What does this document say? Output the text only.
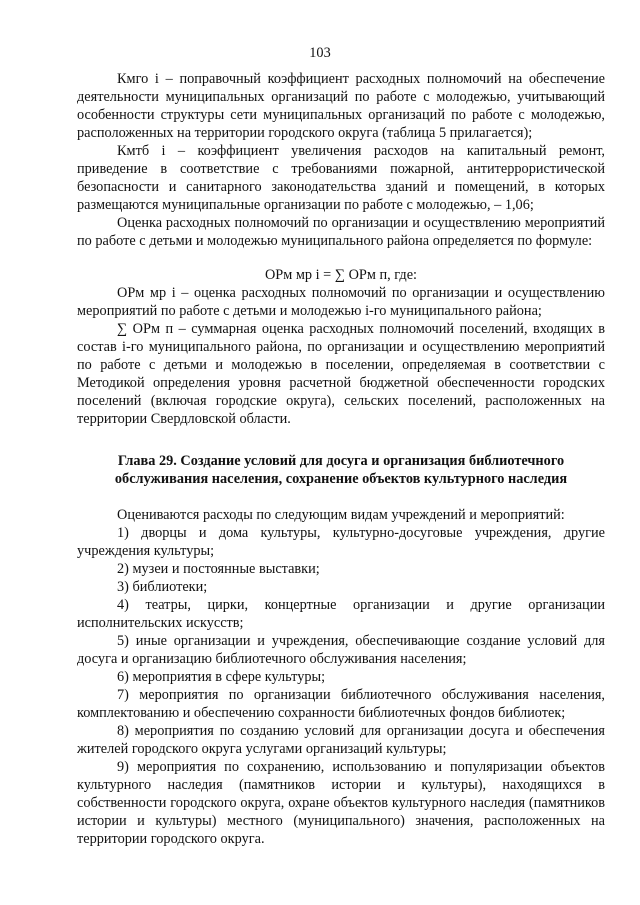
103

Кмго i – поправочный коэффициент расходных полномочий на обеспечение деятельности муниципальных организаций по работе с молодежью, учитывающий особенности структуры сети муниципальных организаций по работе с молодежью, расположенных на территории городского округа (таблица 5 прилагается);

Кмтб i – коэффициент увеличения расходов на капитальный ремонт, приведение в соответствие с требованиями пожарной, антитеррористической безопасности и санитарного законодательства зданий и помещений, в которых размещаются муниципальные организации по работе с молодежью, – 1,06;

Оценка расходных полномочий по организации и осуществлению мероприятий по работе с детьми и молодежью муниципального района определяется по формуле:

ОРм мр i = ∑ ОРм п, где:

ОРм мр i – оценка расходных полномочий по организации и осуществлению мероприятий по работе с детьми и молодежью i-го муниципального района;

∑ ОРм п – суммарная оценка расходных полномочий поселений, входящих в состав i-го муниципального района, по организации и осуществлению мероприятий по работе с детьми и молодежью в поселении, определяемая в соответствии с Методикой определения уровня расчетной бюджетной обеспеченности городских поселений (включая городские округа), сельских поселений, расположенных на территории Свердловской области.

Глава 29. Создание условий для досуга и организация библиотечного обслуживания населения, сохранение объектов культурного наследия

Оцениваются расходы по следующим видам учреждений и мероприятий:

1) дворцы и дома культуры, культурно-досуговые учреждения, другие учреждения культуры;

2) музеи и постоянные выставки;

3) библиотеки;

4) театры, цирки, концертные организации и другие организации исполнительских искусств;

5) иные организации и учреждения, обеспечивающие создание условий для досуга и организацию библиотечного обслуживания населения;

6) мероприятия в сфере культуры;

7) мероприятия по организации библиотечного обслуживания населения, комплектованию и обеспечению сохранности библиотечных фондов библиотек;

8) мероприятия по созданию условий для организации досуга и обеспечения жителей городского округа услугами организаций культуры;

9) мероприятия по сохранению, использованию и популяризации объектов культурного наследия (памятников истории и культуры), находящихся в собственности городского округа, охране объектов культурного наследия (памятников истории и культуры) местного (муниципального) значения, расположенных на территории городского округа.
